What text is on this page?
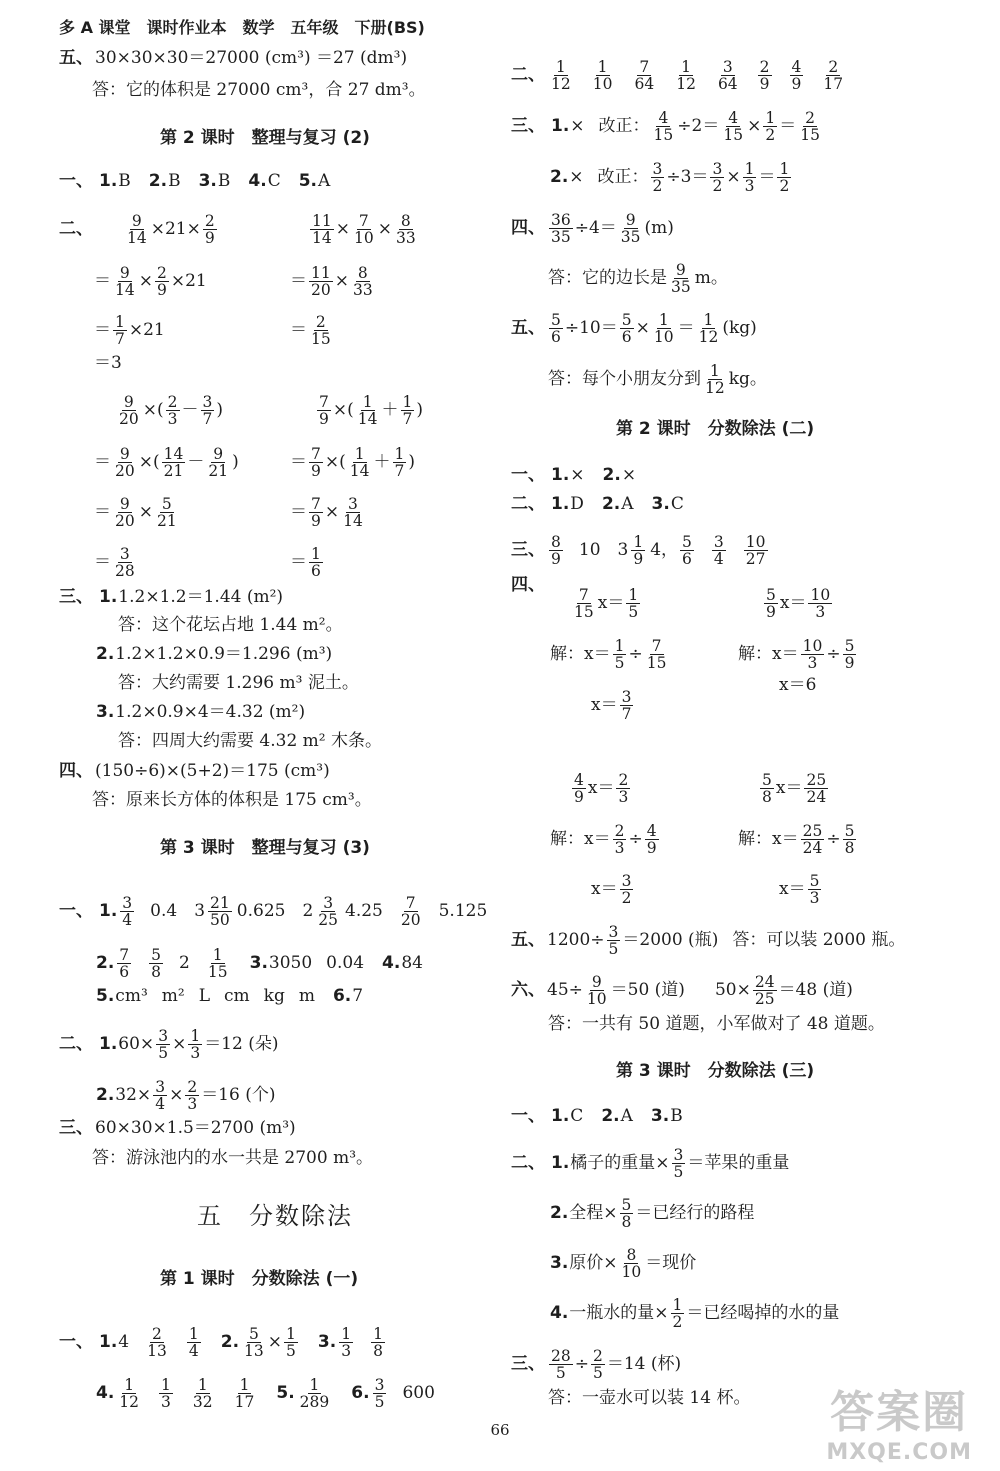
多 A 课堂　课时作业本　数学　五年级　下册(BS)
五、 30×30×30＝27000 (cm³) ＝27 (dm³)
答：它的体积是 27000 cm³，合 27 dm³。
第 2 课时　整理与复习 (2)
一、 1. B 2. B 3. B 4. C 5. A
二、 $\frac{9}{14} \times 21\times \frac{2}{9}$	$\frac{11}{14} \times \frac{7}{10} \times \frac{8}{33}$
＝ $\frac{9}{14} \times \frac{2}{9} \times 21$	＝ $\frac{11}{20} \times \frac{8}{33}$
＝ $\frac{1}{7} \times 21$	＝ $\frac{2}{15}$
＝3
$\frac{9}{20}$ ×( $\frac{2}{3} - \frac{3}{7}$ )	$\frac{7}{9}$ ×( $\frac{1}{14} + \frac{1}{7}$ )
＝ $\frac{9}{20}$ ×( $\frac{14}{21} - \frac{9}{21}$ )	＝ $\frac{7}{9}$ ×( $\frac{1}{14} + \frac{1}{7}$ )
＝ $\frac{9}{20} \times \frac{5}{21}$	＝ $\frac{7}{9} \times \frac{3}{14}$
＝ $\frac{3}{28}$	＝ $\frac{1}{6}$
三、 1. 1.2×1.2＝1.44 (m²)
答：这个花坛占地 1.44 m²。
2. 1.2×1.2×0.9＝1.296 (m³)
答：大约需要 1.296 m³ 泥土。
3. 1.2×0.9×4＝4.32 (m²)
答：四周大约需要 4.32 m² 木条。
四、 (150÷6)×(5+2)＝175 (cm³)
答：原来长方体的体积是 175 cm³。
第 3 课时　整理与复习 (3)
一、 1. $\frac{3}{4} 0.4$ $3 \frac{21}{50} 0.625$ $2 \frac{3}{25} 4.25 \frac{7}{20} 5.125$
2. $\frac{7}{6} \frac{5}{8} 2 \frac{1}{15} 3$. 3050 0.04 4. 84
5. cm³ m² L cm kg m 6. 7
二、 1. $60\times \frac{3}{5} \times \frac{1}{3} =12$ (朵)
2. $32\times \frac{3}{4} \times \frac{2}{3} =16$ (个)
三、 60×30×1.5＝2700 (m³)
答：游泳池内的水一共是 2700 m³。
五　分数除法
第 1 课时　分数除法 (一)
一、 1. $4 \frac{2}{13} \frac{1}{4} 2$. $\frac{5}{13} \times \frac{1}{5} 3$. $\frac{1}{3} \frac{1}{8}$
4. $\frac{1}{12} \frac{1}{3} \frac{1}{32} \frac{1}{17} 5$. $\frac{1}{289} 6$. $\frac{3}{5} 600$
二、 $\frac{1}{12} \frac{1}{10} \frac{7}{64} \frac{1}{12} \frac{3}{64} \frac{2}{9} \frac{4}{9} \frac{2}{17}$
三、 1. × 改正： $\frac{4}{15} \div 2= \frac{4}{15} \times \frac{1}{2} = \frac{2}{15}$
2. × 改正： $\frac{3}{2} \div 3= \frac{3}{2} \times \frac{1}{3} = \frac{1}{2}$
四、 $\frac{36}{35} \div 4= \frac{9}{35} (m)$
答：它的边长是 $\frac{9}{35}$ m。
五、 $\frac{5}{6} \div 10= \frac{5}{6} \times \frac{1}{10} = \frac{1}{12} (kg)$
答：每个小朋友分到 $\frac{1}{12}$ kg。
第 2 课时　分数除法 (二)
一、 1. × 2. ×
二、 1. D 2. A 3. C
三、 $\frac{8}{9} 10$ $3 \frac{1}{9} 4$， $\frac{5}{6} \frac{3}{4} \frac{10}{27}$
四、
$\frac{7}{15} x= \frac{1}{5}$	$\frac{5}{9} x= \frac{10}{3}$
解：$x= \frac{1}{5} \div \frac{7}{15}$	解：$x= \frac{10}{3} \div \frac{5}{9}$
$x= \frac{3}{7}$
x＝6
$\frac{4}{9} x= \frac{2}{3}$	$\frac{5}{8} x= \frac{25}{24}$
解：$x= \frac{2}{3} \div \frac{4}{9}$	解：$x= \frac{25}{24} \div \frac{5}{8}$
$x= \frac{3}{2}$	$x= \frac{5}{3}$
五、 $1200\div \frac{3}{5} =2000$ (瓶) 答：可以装 2000 瓶。
六、 $45\div \frac{9}{10} =50$ (道) $50\times \frac{24}{25} =48$ (道)
答：一共有 50 道题，小军做对了 48 道题。
第 3 课时　分数除法 (三)
一、 1. C 2. A 3. B
二、 1. 橘子的重量× $\frac{3}{5}$ ＝苹果的重量
2. 全程× $\frac{5}{8}$ ＝已经行的路程
3. 原价× $\frac{8}{10}$ ＝现价
4. 一瓶水的量× $\frac{1}{2}$ ＝已经喝掉的水的量
三、 $\frac{28}{5} \div \frac{2}{5} =14$ (杯)
答：一壶水可以装 14 杯。
66	答案圈
MXQE.COM
